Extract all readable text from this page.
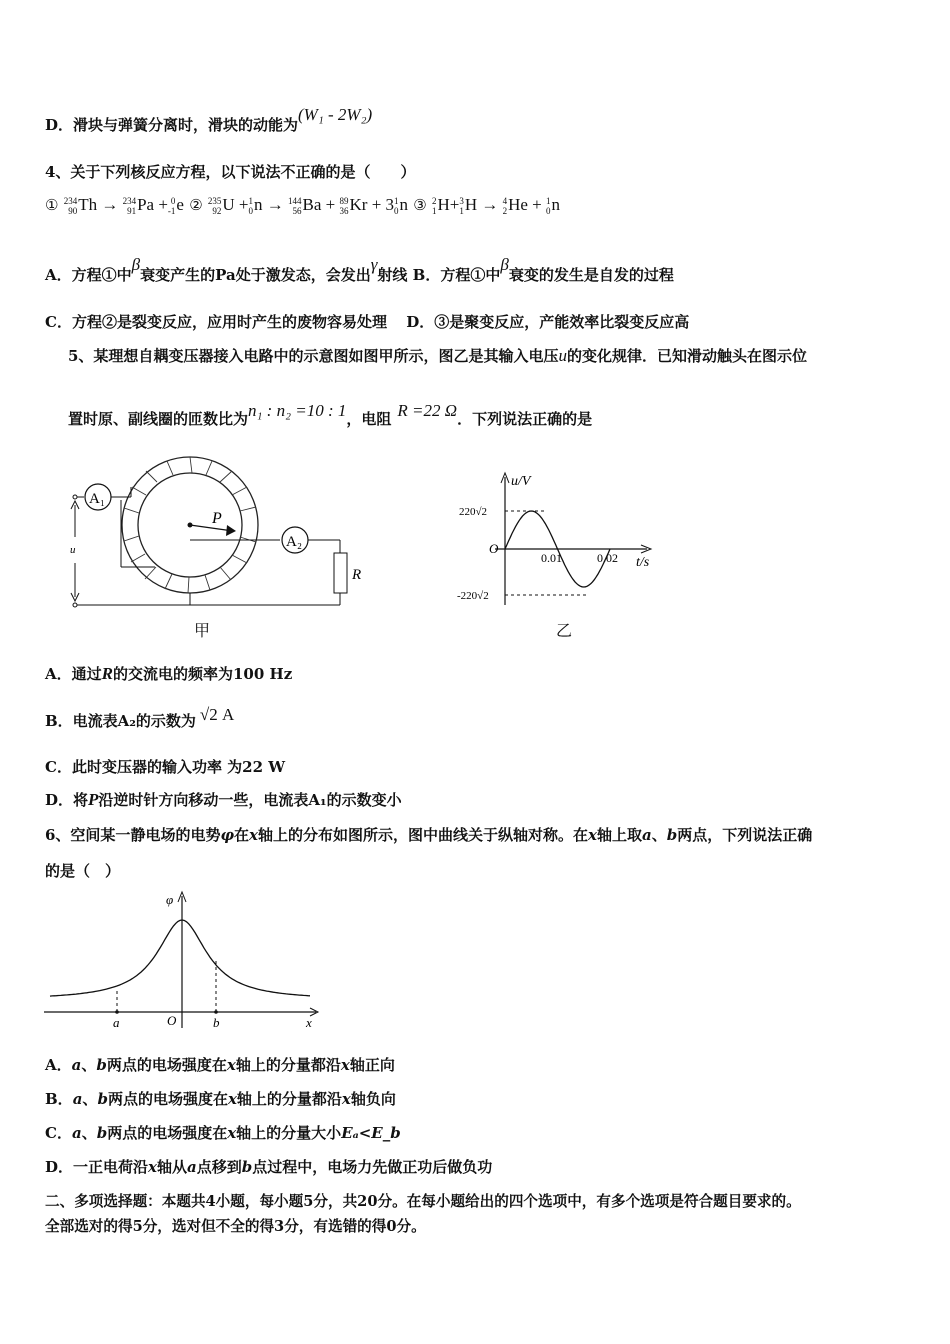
D．滑块与弹簧分离时，滑块的动能为(W₁ - 2W₂)
4、关于下列核反应方程，以下说法不正确的是（　　）
① 234
90 Th → 234
91 Pa + 0
-1 e ② 235
92 U + 1
0 n → 144
56 Ba + 89
36 Kr + 3 1
0 n ③ 2
1 H+ 3
1 H → 4
2 He + 1
0 n
A．方程①中β衰变产生的Pa处于激发态，会发出γ射线 B．方程①中β衰变的发生是自发的过程
C．方程②是裂变反应，应用时产生的废物容易处理 D．③是聚变反应，产能效率比裂变反应高
5、某理想自耦变压器接入电路中的示意图如图甲所示，图乙是其输入电压u的变化规律．已知滑动触头在图示位
置时原、副线圈的匝数比为n₁ : n₂ =10 : 1，电阻 R =22 Ω．下列说法正确的是
P
A₁
u	A₂
R
甲
u/V
t/s
O
220√2
-220√2
0.01	0.02
乙
A．通过R的交流电的频率为100 Hz
B．电流表A₂的示数为 √2 A
C．此时变压器的输入功率 为22 W
D．将P沿逆时针方向移动一些，电流表A₁的示数变小
6、空间某一静电场的电势φ在x轴上的分布如图所示，图中曲线关于纵轴对称。在x轴上取a、b两点，下列说法正确
的是（　）
φ
a	O	b	x
A．a、b两点的电场强度在x轴上的分量都沿x轴正向
B．a、b两点的电场强度在x轴上的分量都沿x轴负向
C．a、b两点的电场强度在x轴上的分量大小Eₐ<E_b
D．一正电荷沿x轴从a点移到b点过程中，电场力先做正功后做负功
二、多项选择题：本题共4小题，每小题5分，共20分。在每小题给出的四个选项中，有多个选项是符合题目要求的。
全部选对的得5分，选对但不全的得3分，有选错的得0分。
